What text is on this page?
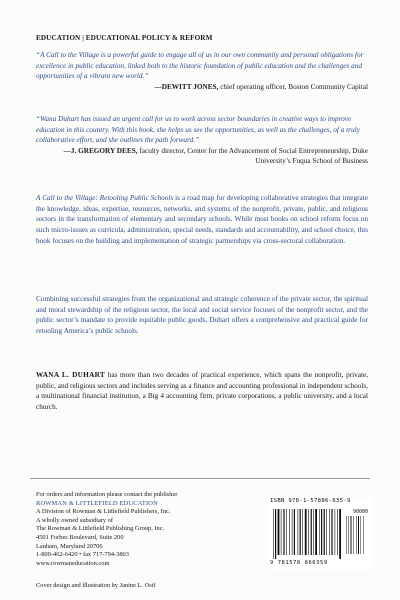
EDUCATION | EDUCATIONAL POLICY & REFORM
“A Call to the Village is a powerful guide to engage all of us in our own community and personal obligations for excellence in public education, linked both to the historic foundation of public education and the challenges and opportunities of a vibrant new world.”
—DEWITT JONES, chief operating officer, Boston Community Capital
“Wana Duhart has issued an urgent call for us to work across sector boundaries in creative ways to improve education in this country. With this book, she helps us see the opportunities, as well as the challenges, of a truly collaborative effort, and she outlines the path forward.”
—J. GREGORY DEES, faculty director, Center for the Advancement of Social Entrepreneurship, Duke University’s Fuqua School of Business
A Call to the Village: Retooling Public Schools is a road map for developing collaborative strategies that integrate the knowledge, ideas, expertise, resources, networks, and systems of the nonprofit, private, public, and religious sectors in the transformation of elementary and secondary schools. While most books on school reform focus on such micro-issues as curricula, administration, special needs, standards and accountability, and school choice, this book focuses on the building and implementation of strategic partnerships via cross-sectoral collaboration.
Combining successful strategies from the organizational and strategic coherence of the private sector, the spiritual and moral stewardship of the religious sector, the local and social service focuses of the nonprofit sector, and the public sector’s mandate to provide equitable public goods, Duhart offers a comprehensive and practical guide for retooling America’s public schools.
WANA L. DUHART has more than two decades of practical experience, which spans the nonprofit, private, public, and religious sectors and includes serving as a finance and accounting professional in independent schools, a multinational financial institution, a Big 4 accounting firm, private corporations, a public university, and a local church.
For orders and information please contact the publisher
ROWMAN & LITTLEFIELD EDUCATION
A Division of Rowman & Littlefield Publishers, Inc.
A wholly owned subsidiary of
The Rowman & Littlefield Publishing Group, Inc.
4501 Forbes Boulevard, Suite 200
Lanham, Maryland 20706
1-800-462-6420 • fax 717-794-3803
www.rowmaneducation.com
Cover design and illustration by Janine L. Osif
ISBN 978-1-57886-635-9
90000
9 781578 866359
